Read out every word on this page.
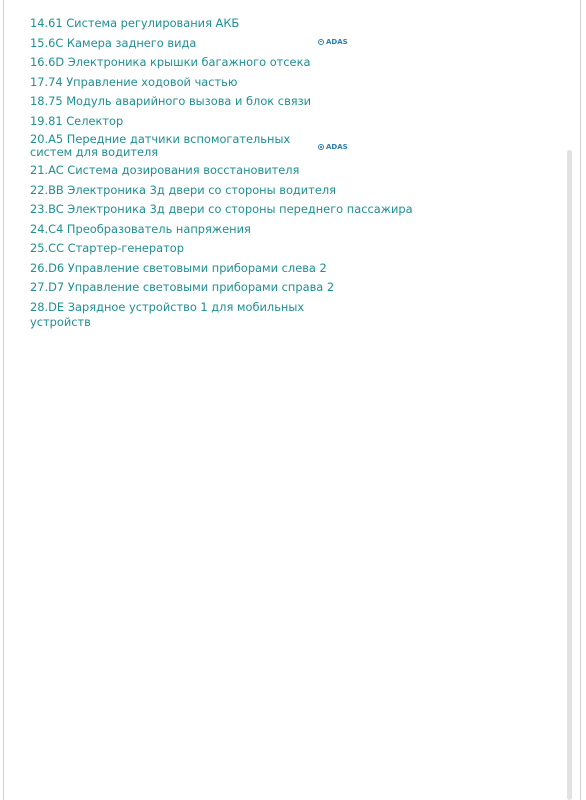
14.61 Система регулирования АКБ
15.6C Камера заднего вида	ADAS
16.6D Электроника крышки багажного отсека
17.74 Управление ходовой частью
18.75 Модуль аварийного вызова и блок связи
19.81 Селектор
20.A5 Передние датчики вспомогательных систем для водителя	ADAS
21.AC Система дозирования восстановителя
22.BB Электроника 3д двери со стороны водителя
23.BC Электроника 3д двери со стороны переднего пассажира
24.C4 Преобразователь напряжения
25.CC Стартер-генератор
26.D6 Управление световыми приборами слева 2
27.D7 Управление световыми приборами справа 2
28.DE Зарядное устройство 1 для мобильных устройств
